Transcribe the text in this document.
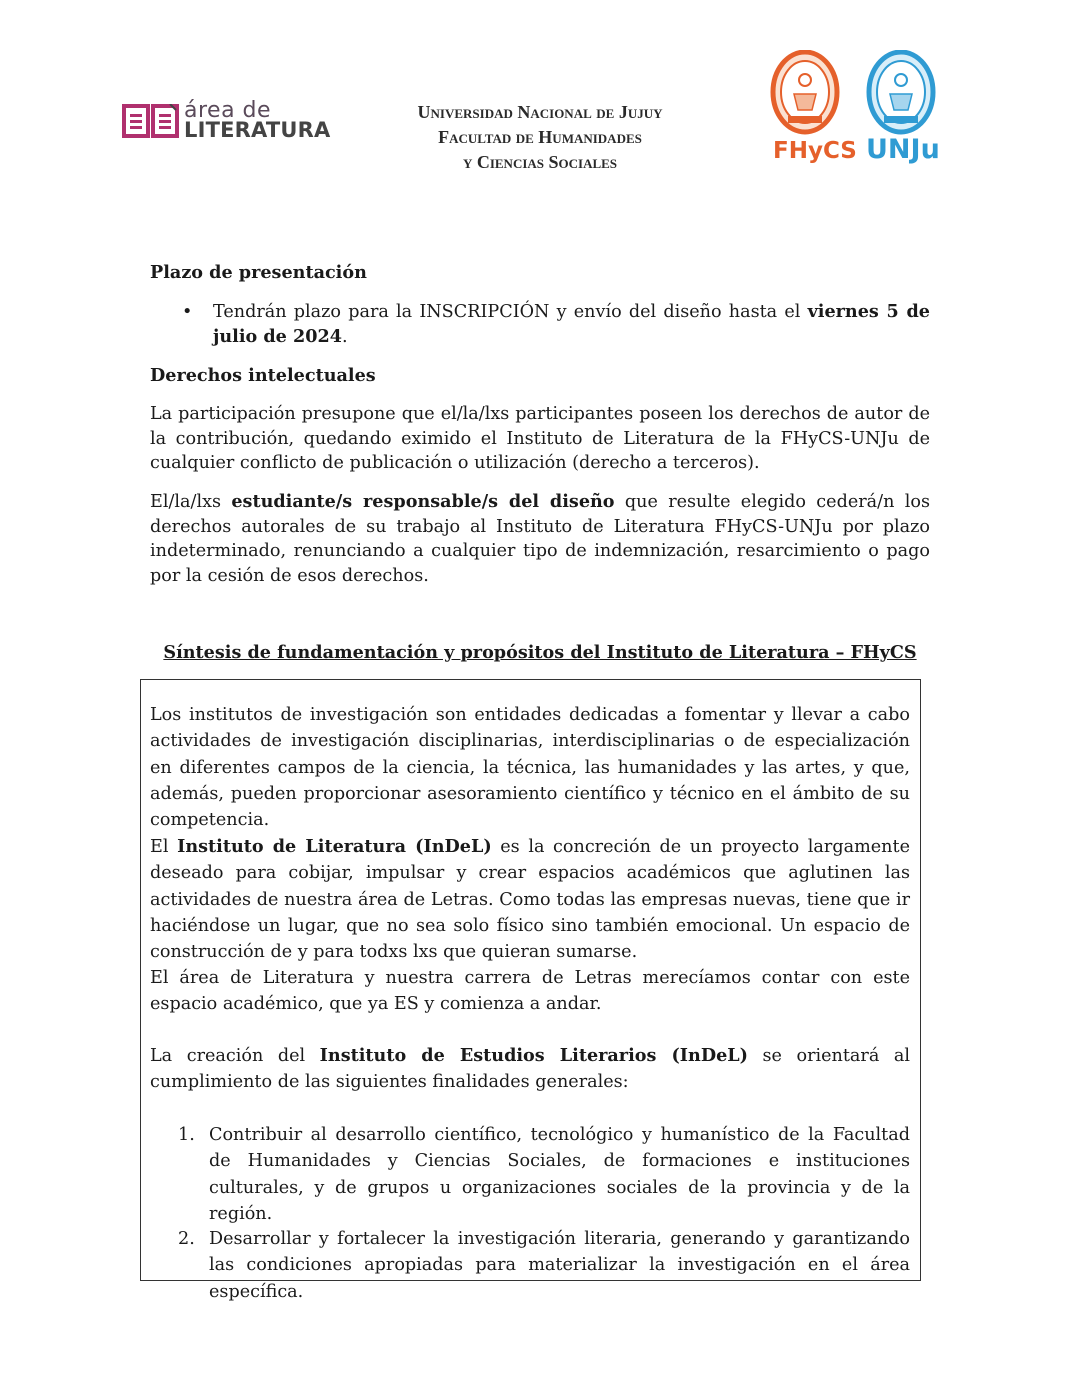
área de
LITERATURA
Universidad Nacional de Jujuy
Facultad de Humanidades
y Ciencias Sociales	FHyCS UNJu
Plazo de presentación
• Tendrán plazo para la INSCRIPCIÓN y envío del diseño hasta el viernes 5 de julio de 2024.
Derechos intelectuales
La participación presupone que el/la/lxs participantes poseen los derechos de autor de la contribución, quedando eximido el Instituto de Literatura de la FHyCS-UNJu de cualquier conflicto de publicación o utilización (derecho a terceros).
El/la/lxs estudiante/s responsable/s del diseño que resulte elegido cederá/n los derechos autorales de su trabajo al Instituto de Literatura FHyCS-UNJu por plazo indeterminado, renunciando a cualquier tipo de indemnización, resarcimiento o pago por la cesión de esos derechos.
Síntesis de fundamentación y propósitos del Instituto de Literatura – FHyCS
Los institutos de investigación son entidades dedicadas a fomentar y llevar a cabo actividades de investigación disciplinarias, interdisciplinarias o de especialización en diferentes campos de la ciencia, la técnica, las humanidades y las artes, y que, además, pueden proporcionar asesoramiento científico y técnico en el ámbito de su competencia.
El Instituto de Literatura (InDeL) es la concreción de un proyecto largamente deseado para cobijar, impulsar y crear espacios académicos que aglutinen las actividades de nuestra área de Letras. Como todas las empresas nuevas, tiene que ir haciéndose un lugar, que no sea solo físico sino también emocional. Un espacio de construcción de y para todxs lxs que quieran sumarse.
El área de Literatura y nuestra carrera de Letras merecíamos contar con este espacio académico, que ya ES y comienza a andar.
La creación del Instituto de Estudios Literarios (InDeL) se orientará al cumplimiento de las siguientes finalidades generales:
1. Contribuir al desarrollo científico, tecnológico y humanístico de la Facultad de Humanidades y Ciencias Sociales, de formaciones e instituciones culturales, y de grupos u organizaciones sociales de la provincia y de la región.
2. Desarrollar y fortalecer la investigación literaria, generando y garantizando las condiciones apropiadas para materializar la investigación en el área específica.
